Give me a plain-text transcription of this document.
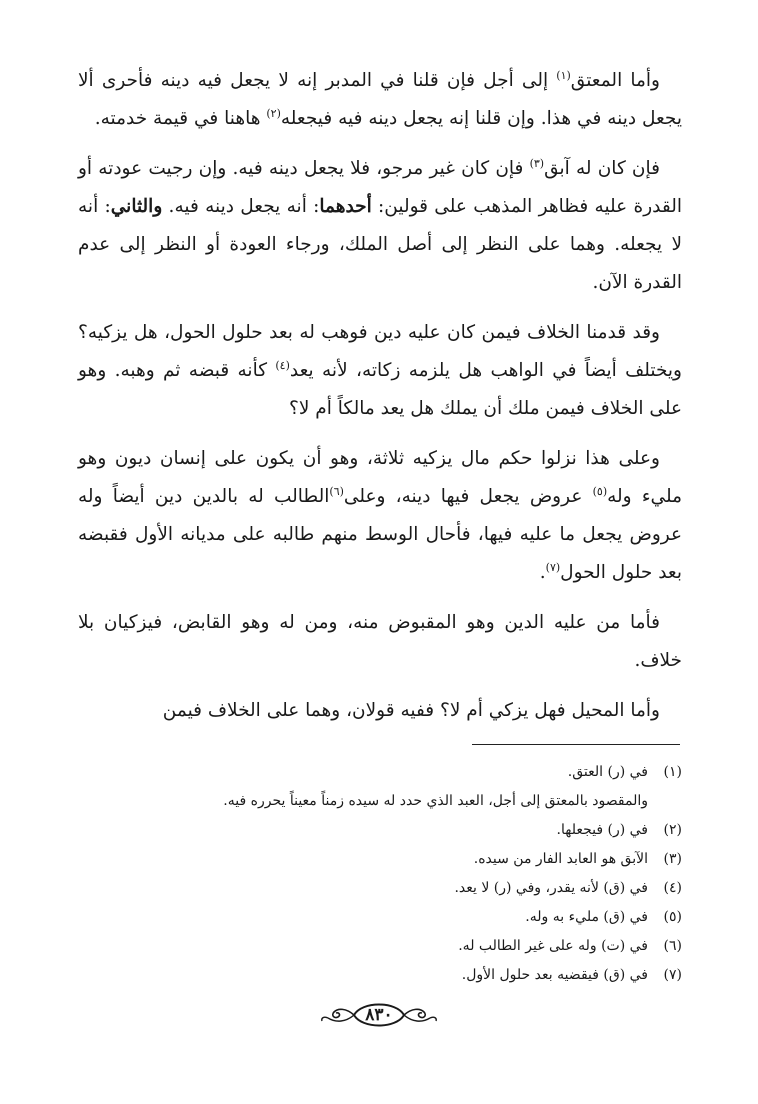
وأما المعتق$^{(١)}$ إلى أجل فإن قلنا في المدبر إنه لا يجعل فيه دينه فأحرى ألا يجعل دينه في هذا. وإن قلنا إنه يجعل دينه فيه فيجعله$^{(٢)}$ هاهنا في قيمة خدمته.

فإن كان له آبق$^{(٣)}$ فإن كان غير مرجو، فلا يجعل دينه فيه. وإن رجيت عودته أو القدرة عليه فظاهر المذهب على قولين: أحدهما: أنه يجعل دينه فيه. والثاني: أنه لا يجعله. وهما على النظر إلى أصل الملك، ورجاء العودة أو النظر إلى عدم القدرة الآن.

وقد قدمنا الخلاف فيمن كان عليه دين فوهب له بعد حلول الحول، هل يزكيه؟ ويختلف أيضاً في الواهب هل يلزمه زكاته، لأنه يعد$^{(٤)}$ كأنه قبضه ثم وهبه. وهو على الخلاف فيمن ملك أن يملك هل يعد مالكاً أم لا؟

وعلى هذا نزلوا حكم مال يزكيه ثلاثة، وهو أن يكون على إنسان ديون وهو مليء وله$^{(٥)}$ عروض يجعل فيها دينه، وعلى$^{(٦)}$الطالب له بالدين دين أيضاً وله عروض يجعل ما عليه فيها، فأحال الوسط منهم طالبه على مديانه الأول فقبضه بعد حلول الحول$^{(٧)}$.

فأما من عليه الدين وهو المقبوض منه، ومن له وهو القابض، فيزكيان بلا خلاف.

وأما المحيل فهل يزكي أم لا؟ ففيه قولان، وهما على الخلاف فيمن

(١)
في (ر) العتق.
والمقصود بالمعتق إلى أجل، العبد الذي حدد له سيده زمناً معيناً يحرره فيه.
(٢)
في (ر) فيجعلها.
(٣)
الآبق هو العابد الفار من سيده.
(٤)
في (ق) لأنه يقدر، وفي (ر) لا يعد.
(٥)
في (ق) مليء به وله.
(٦)
في (ت) وله على غير الطالب له.
(٧)
في (ق) فيقضيه بعد حلول الأول.
٨٣٠
